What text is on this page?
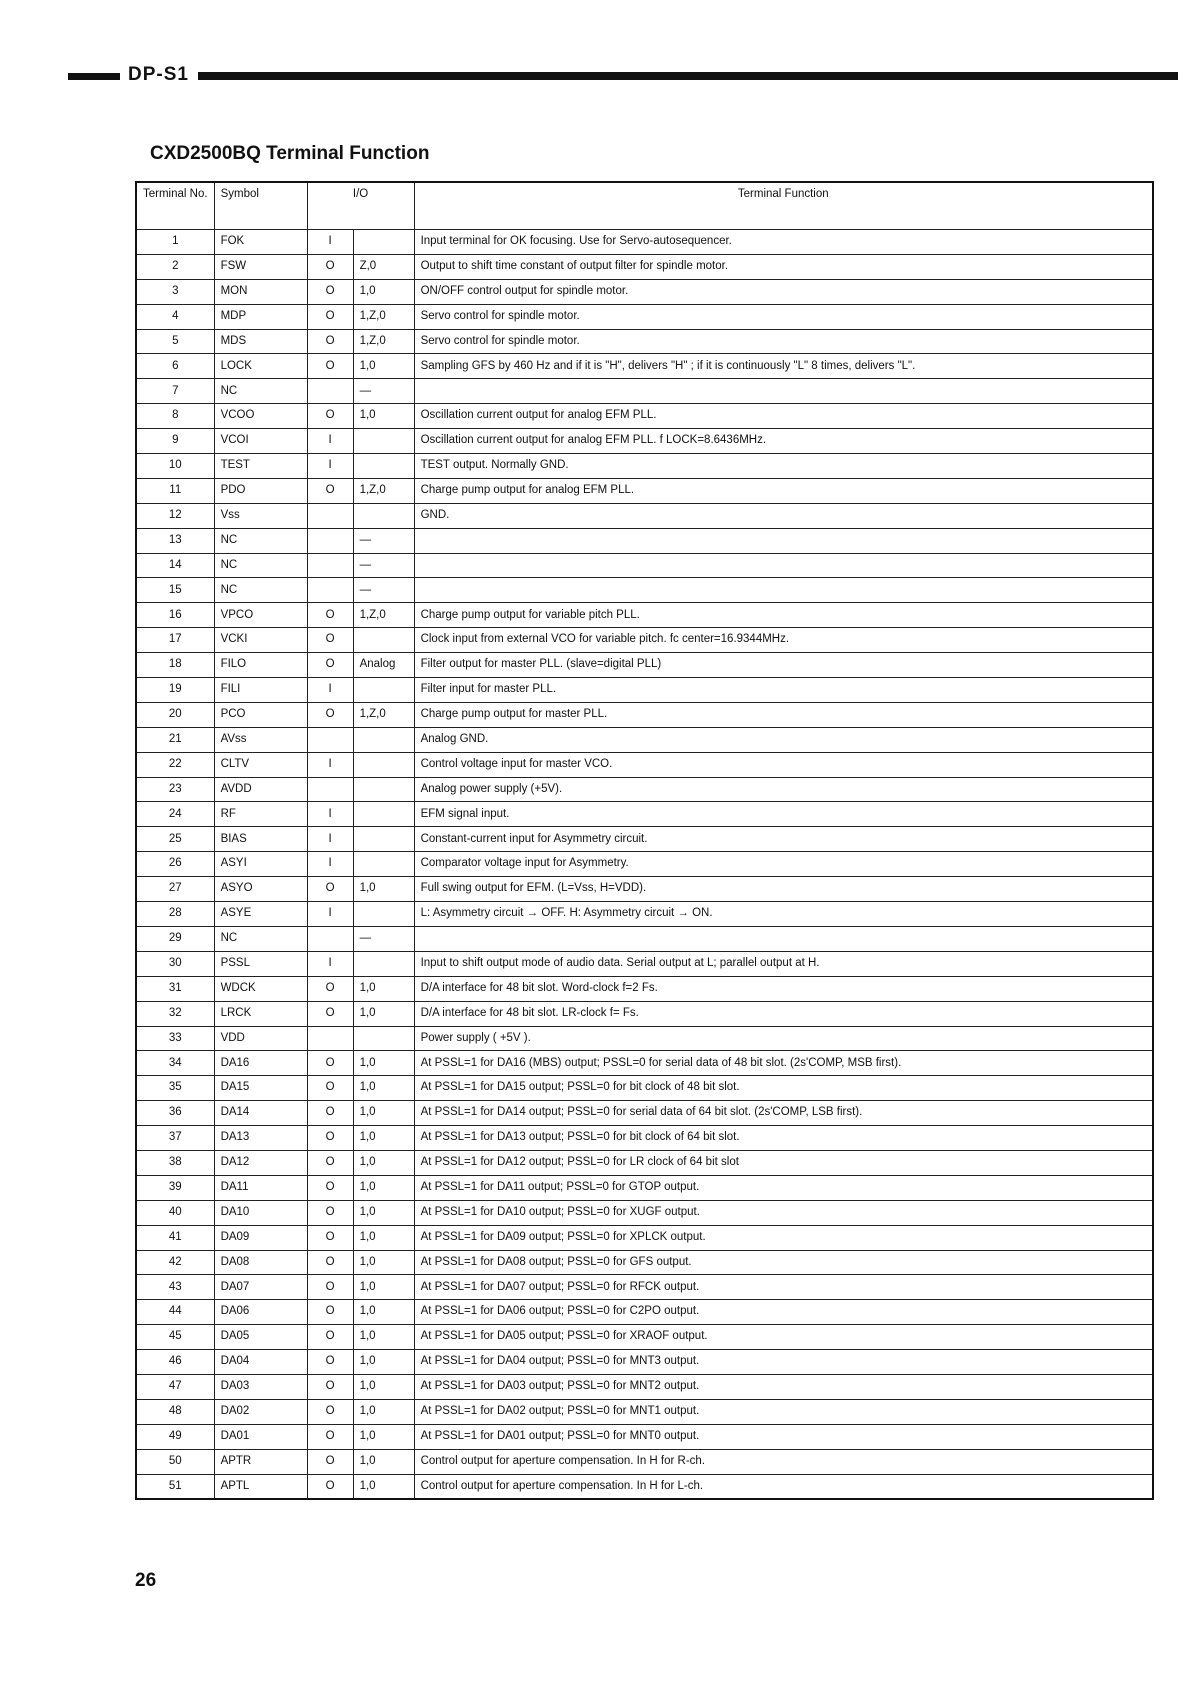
DP-S1
CXD2500BQ Terminal Function
Terminal No.	Symbol	I/O		Terminal Function
1	FOK	I		Input terminal for OK focusing. Use for Servo-autosequencer.
2	FSW	O	Z,0	Output to shift time constant of output filter for spindle motor.
3	MON	O	1,0	ON/OFF control output for spindle motor.
4	MDP	O	1,Z,0	Servo control for spindle motor.
5	MDS	O	1,Z,0	Servo control for spindle motor.
6	LOCK	O	1,0	Sampling GFS by 460 Hz and if it is "H", delivers "H" ; if it is continuously "L" 8 times, delivers "L".
7	NC		—	
8	VCOO	O	1,0	Oscillation current output for analog EFM PLL.
9	VCOI	I		Oscillation current output for analog EFM PLL. f LOCK=8.6436MHz.
10	TEST	I		TEST output. Normally GND.
11	PDO	O	1,Z,0	Charge pump output for analog EFM PLL.
12	Vss			GND.
13	NC		—	
14	NC		—	
15	NC		—	
16	VPCO	O	1,Z,0	Charge pump output for variable pitch PLL.
17	VCKI	O		Clock input from external VCO for variable pitch. fc center=16.9344MHz.
18	FILO	O	Analog	Filter output for master PLL. (slave=digital PLL)
19	FILI	I		Filter input for master PLL.
20	PCO	O	1,Z,0	Charge pump output for master PLL.
21	AVss			Analog GND.
22	CLTV	I		Control voltage input for master VCO.
23	AVDD			Analog power supply (+5V).
24	RF	I		EFM signal input.
25	BIAS	I		Constant-current input for Asymmetry circuit.
26	ASYI	I		Comparator voltage input for Asymmetry.
27	ASYO	O	1,0	Full swing output for EFM. (L=Vss, H=VDD).
28	ASYE	I		L: Asymmetry circuit → OFF. H: Asymmetry circuit → ON.
29	NC		—	
30	PSSL	I		Input to shift output mode of audio data. Serial output at L; parallel output at H.
31	WDCK	O	1,0	D/A interface for 48 bit slot. Word-clock f=2 Fs.
32	LRCK	O	1,0	D/A interface for 48 bit slot. LR-clock f= Fs.
33	VDD			Power supply ( +5V ).
34	DA16	O	1,0	At PSSL=1 for DA16 (MBS) output; PSSL=0 for serial data of 48 bit slot. (2s'COMP, MSB first).
35	DA15	O	1,0	At PSSL=1 for DA15 output; PSSL=0 for bit clock of 48 bit slot.
36	DA14	O	1,0	At PSSL=1 for DA14 output; PSSL=0 for serial data of 64 bit slot. (2s'COMP, LSB first).
37	DA13	O	1,0	At PSSL=1 for DA13 output; PSSL=0 for bit clock of 64 bit slot.
38	DA12	O	1,0	At PSSL=1 for DA12 output; PSSL=0 for LR clock of 64 bit slot
39	DA11	O	1,0	At PSSL=1 for DA11 output; PSSL=0 for GTOP output.
40	DA10	O	1,0	At PSSL=1 for DA10 output; PSSL=0 for XUGF output.
41	DA09	O	1,0	At PSSL=1 for DA09 output; PSSL=0 for XPLCK output.
42	DA08	O	1,0	At PSSL=1 for DA08 output; PSSL=0 for GFS output.
43	DA07	O	1,0	At PSSL=1 for DA07 output; PSSL=0 for RFCK output.
44	DA06	O	1,0	At PSSL=1 for DA06 output; PSSL=0 for C2PO output.
45	DA05	O	1,0	At PSSL=1 for DA05 output; PSSL=0 for XRAOF output.
46	DA04	O	1,0	At PSSL=1 for DA04 output; PSSL=0 for MNT3 output.
47	DA03	O	1,0	At PSSL=1 for DA03 output; PSSL=0 for MNT2 output.
48	DA02	O	1,0	At PSSL=1 for DA02 output; PSSL=0 for MNT1 output.
49	DA01	O	1,0	At PSSL=1 for DA01 output; PSSL=0 for MNT0 output.
50	APTR	O	1,0	Control output for aperture compensation. In H for R-ch.
51	APTL	O	1,0	Control output for aperture compensation. In H for L-ch.
26
